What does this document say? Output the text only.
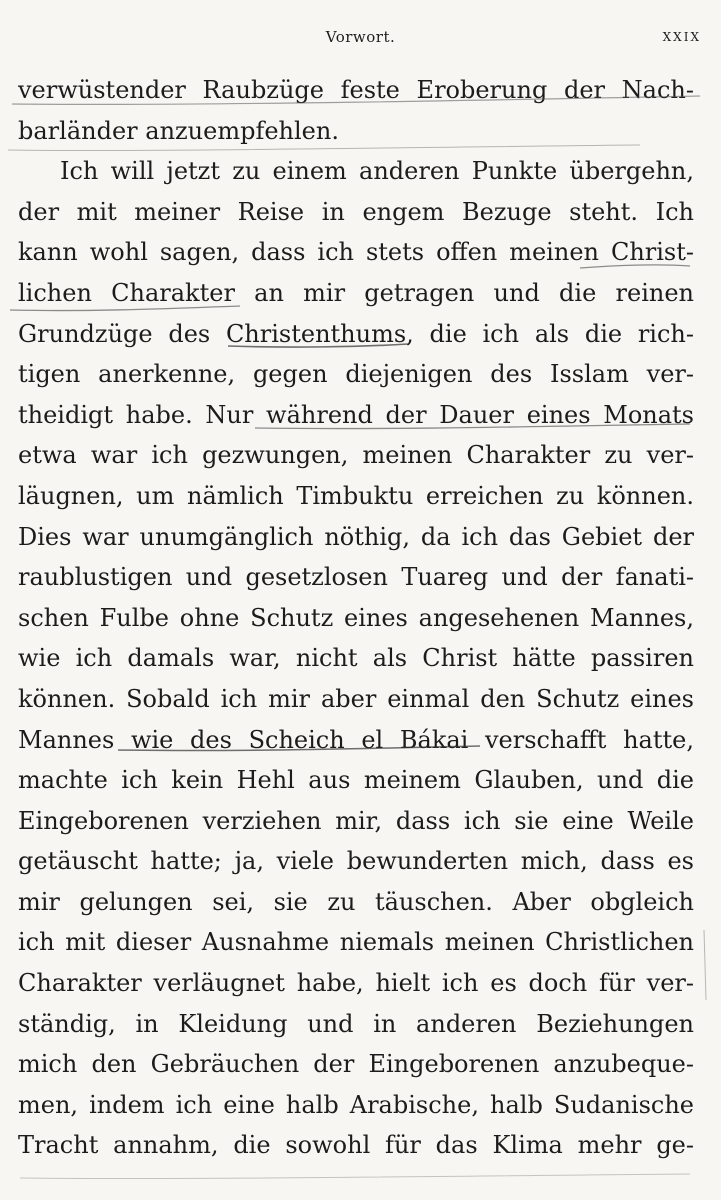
Vorwort.	XXIX
verwüstender Raubzüge feste Eroberung der Nach-
barländer anzuempfehlen.
Ich will jetzt zu einem anderen Punkte übergehn,
der mit meiner Reise in engem Bezuge steht. Ich
kann wohl sagen, dass ich stets offen meinen Christ-
lichen Charakter an mir getragen und die reinen
Grundzüge des Christenthums, die ich als die rich-
tigen anerkenne, gegen diejenigen des Isslam ver-
theidigt habe. Nur während der Dauer eines Monats
etwa war ich gezwungen, meinen Charakter zu ver-
läugnen, um nämlich Timbuktu erreichen zu können.
Dies war unumgänglich nöthig, da ich das Gebiet der
raublustigen und gesetzlosen Tuareg und der fanati-
schen Fulbe ohne Schutz eines angesehenen Mannes,
wie ich damals war, nicht als Christ hätte passiren
können. Sobald ich mir aber einmal den Schutz eines
Mannes wie des Scheich el Bákai verschafft hatte,
machte ich kein Hehl aus meinem Glauben, und die
Eingeborenen verziehen mir, dass ich sie eine Weile
getäuscht hatte; ja, viele bewunderten mich, dass es
mir gelungen sei, sie zu täuschen. Aber obgleich
ich mit dieser Ausnahme niemals meinen Christlichen
Charakter verläugnet habe, hielt ich es doch für ver-
ständig, in Kleidung und in anderen Beziehungen
mich den Gebräuchen der Eingeborenen anzubeque-
men, indem ich eine halb Arabische, halb Sudanische
Tracht annahm, die sowohl für das Klima mehr ge-
